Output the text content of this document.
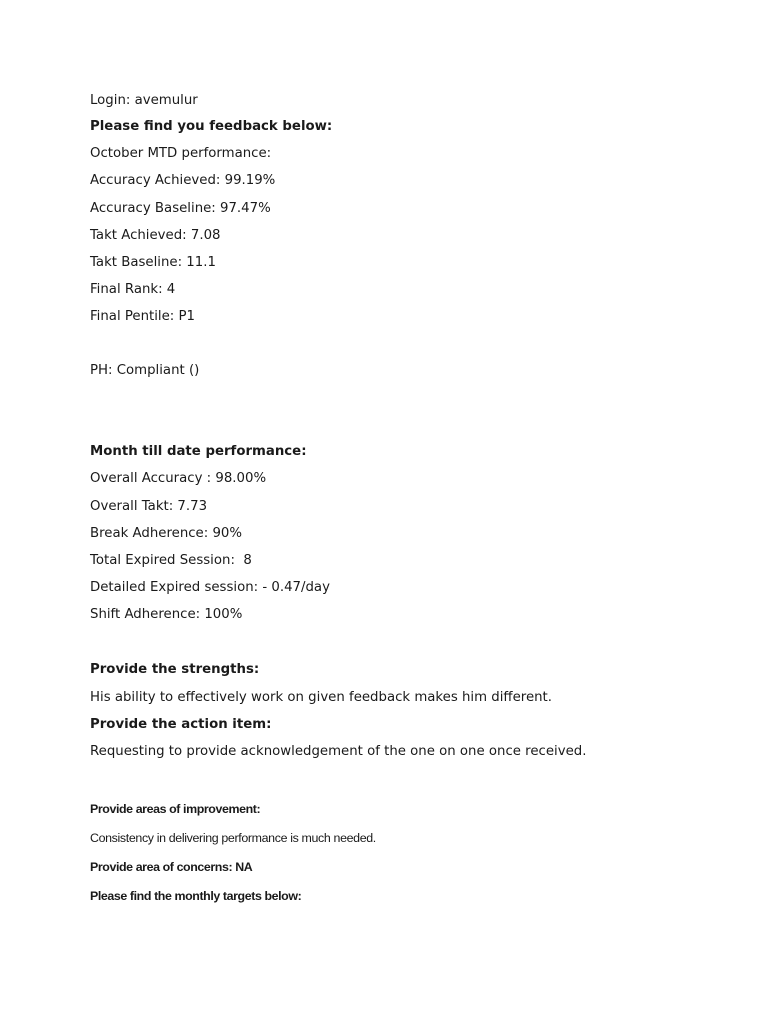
Login: avemulur
Please find you feedback below:
October MTD performance:
Accuracy Achieved: 99.19%
Accuracy Baseline: 97.47%
Takt Achieved: 7.08
Takt Baseline: 11.1
Final Rank: 4
Final Pentile: P1
PH: Compliant ()
Month till date performance:
Overall Accuracy : 98.00%
Overall Takt: 7.73
Break Adherence: 90%
Total Expired Session:  8
Detailed Expired session: - 0.47/day
Shift Adherence: 100%
Provide the strengths:
His ability to effectively work on given feedback makes him different.
Provide the action item:
Requesting to provide acknowledgement of the one on one once received.
Provide areas of improvement:
Consistency in delivering performance is much needed.
Provide area of concerns: NA
Please find the monthly targets below:
